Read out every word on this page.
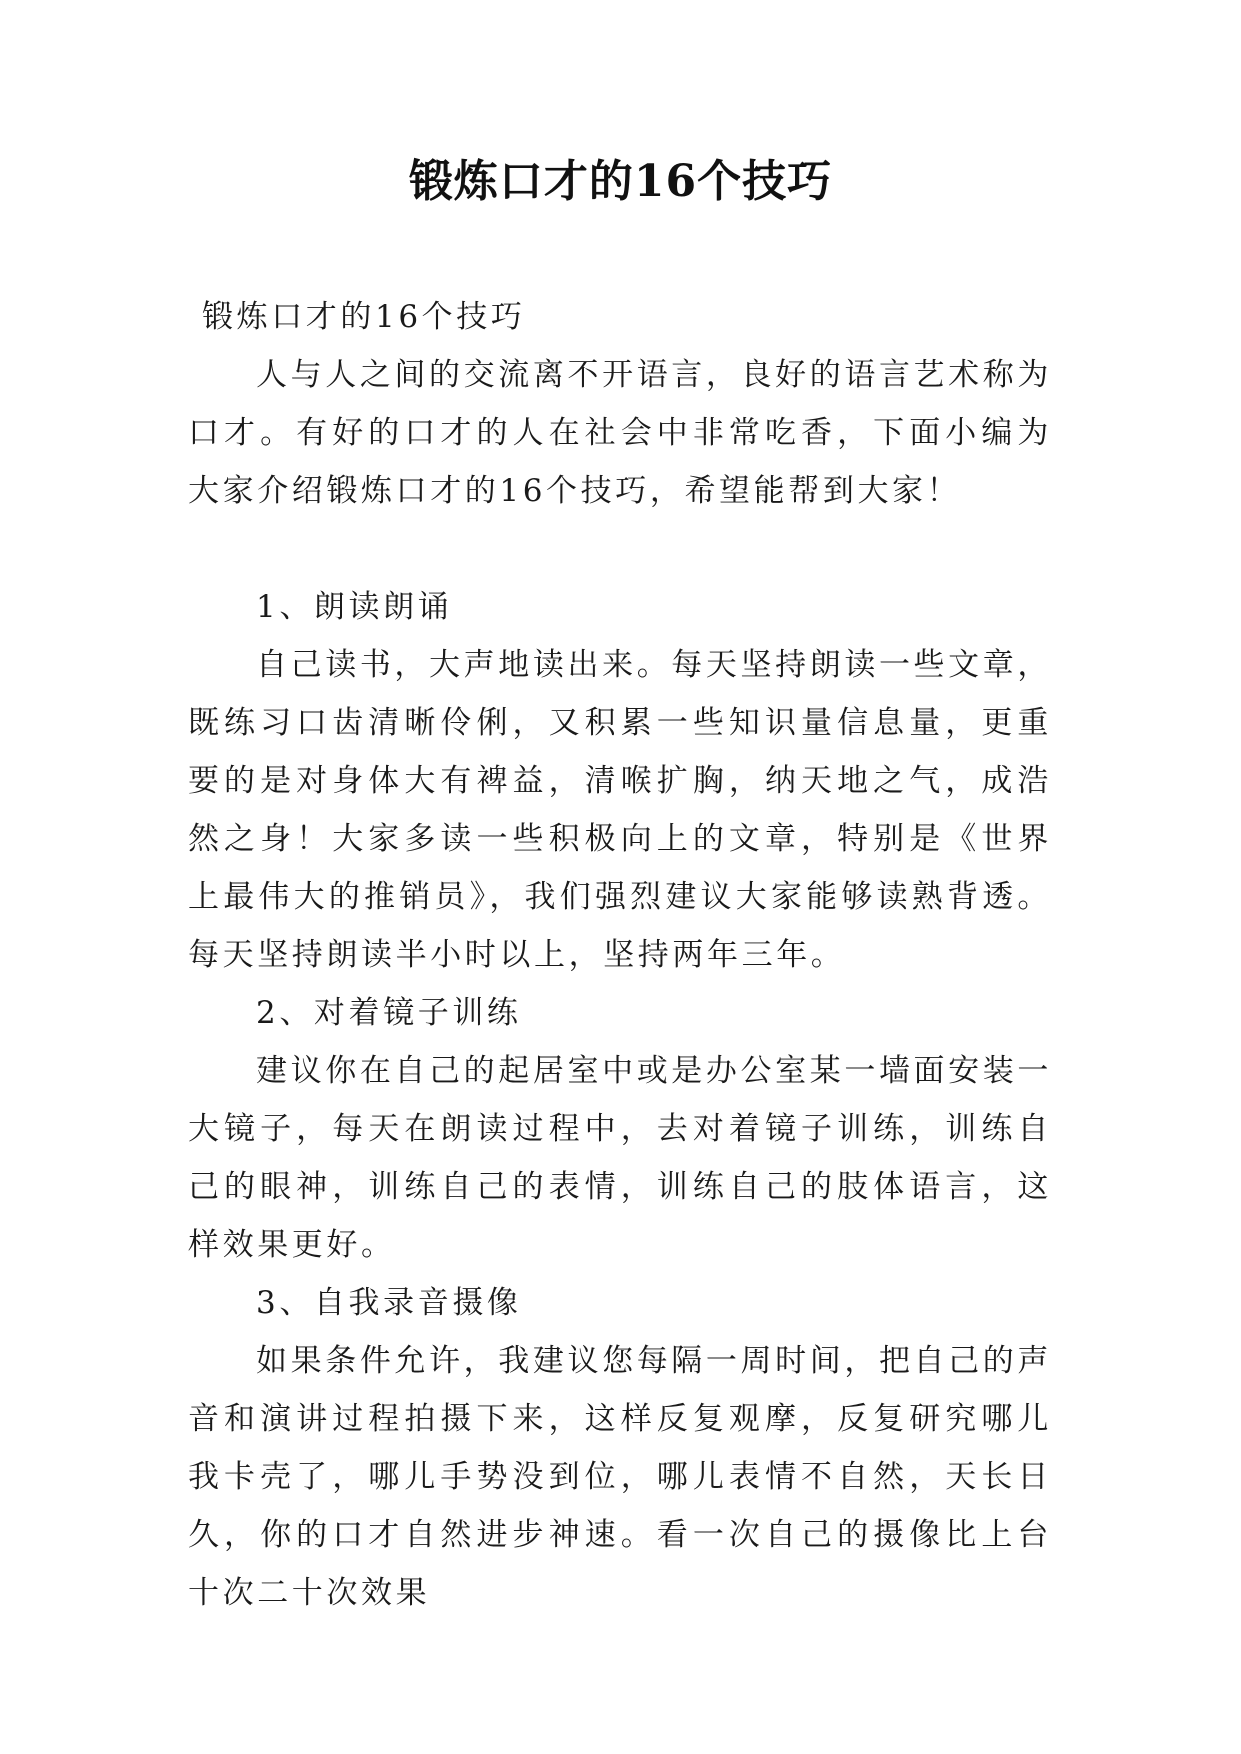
锻炼口才的16个技巧

锻炼口才的16个技巧

人与人之间的交流离不开语言，良好的语言艺术称为口才。有好的口才的人在社会中非常吃香，下面小编为大家介绍锻炼口才的16个技巧，希望能帮到大家！

1、朗读朗诵

自己读书，大声地读出来。每天坚持朗读一些文章，既练习口齿清晰伶俐，又积累一些知识量信息量，更重要的是对身体大有裨益，清喉扩胸，纳天地之气，成浩然之身！大家多读一些积极向上的文章，特别是《世界上最伟大的推销员》，我们强烈建议大家能够读熟背透。每天坚持朗读半小时以上，坚持两年三年。

2、对着镜子训练

建议你在自己的起居室中或是办公室某一墙面安装一大镜子，每天在朗读过程中，去对着镜子训练，训练自己的眼神，训练自己的表情，训练自己的肢体语言，这样效果更好。

3、自我录音摄像

如果条件允许，我建议您每隔一周时间，把自己的声音和演讲过程拍摄下来，这样反复观摩，反复研究哪儿我卡壳了，哪儿手势没到位，哪儿表情不自然，天长日久，你的口才自然进步神速。看一次自己的摄像比上台十次二十次效果
